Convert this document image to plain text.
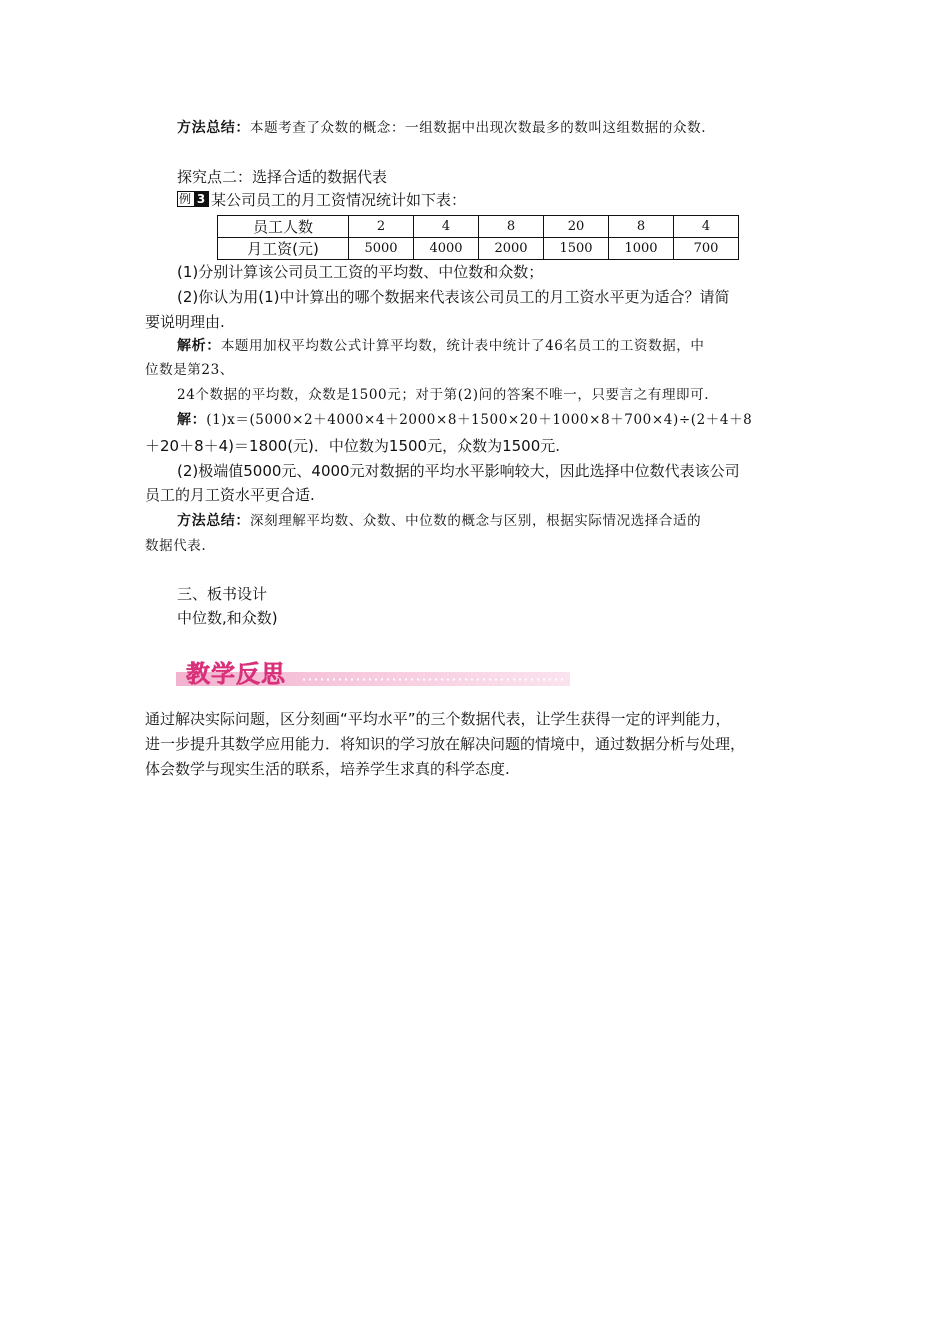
方法总结：本题考查了众数的概念：一组数据中出现次数最多的数叫这组数据的众数.
探究点二：选择合适的数据代表
例 3 某公司员工的月工资情况统计如下表：
员工人数	2	4	8	20	8	4
月工资(元)	5000	4000	2000	1500	1000	700
(1)分别计算该公司员工工资的平均数、中位数和众数；
(2)你认为用(1)中计算出的哪个数据来代表该公司员工的月工资水平更为适合？请简
要说明理由.
解析：本题用加权平均数公式计算平均数，统计表中统计了46名员工的工资数据，中
位数是第23、
24个数据的平均数，众数是1500元；对于第(2)问的答案不唯一，只要言之有理即可.
解：(1)x＝(5000×2＋4000×4＋2000×8＋1500×20＋1000×8＋700×4)÷(2＋4＋8
＋20＋8＋4)＝1800(元)．中位数为1500元，众数为1500元.
(2)极端值5000元、4000元对数据的平均水平影响较大，因此选择中位数代表该公司
员工的月工资水平更合适.
方法总结：深刻理解平均数、众数、中位数的概念与区别，根据实际情况选择合适的
数据代表.
三、板书设计
中位数,和众数)
教学反思
通过解决实际问题，区分刻画“平均水平”的三个数据代表，让学生获得一定的评判能力，
进一步提升其数学应用能力．将知识的学习放在解决问题的情境中，通过数据分析与处理，
体会数学与现实生活的联系，培养学生求真的科学态度.
